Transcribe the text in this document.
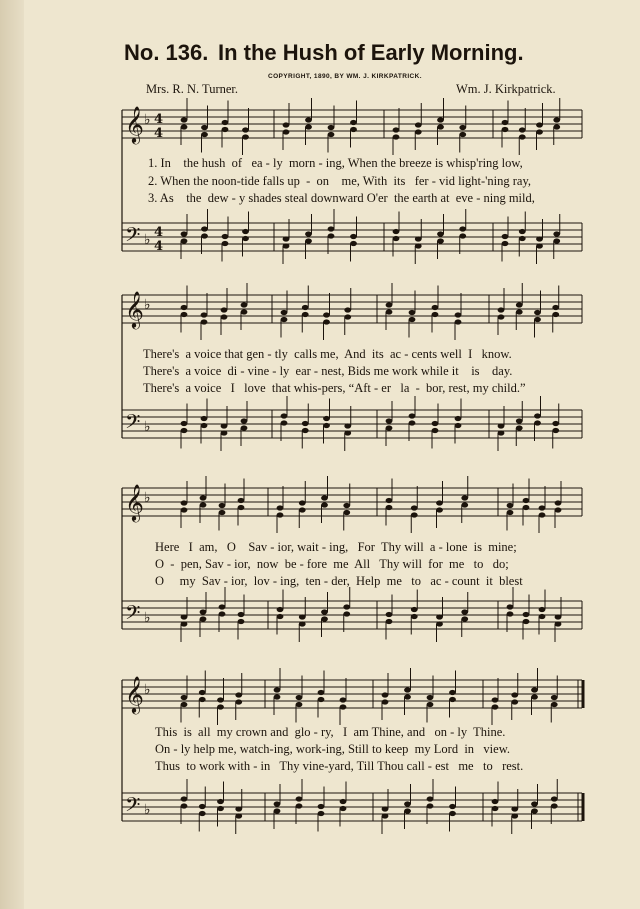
No. 136. In the Hush of Early Morning.
COPYRIGHT, 1890, BY WM. J. KIRKPATRICK.
Mrs. R. N. Turner.	Wm. J. Kirkpatrick.
𝄞 ♭ 4
4
𝄢 ♭ 4
4
𝄞 ♭
𝄢 ♭
𝄞 ♭
𝄢 ♭
𝄞 ♭
𝄢 ♭
1. In    the hush  of   ea - ly  morn - ing, When the breeze is whisp'ring low,
2. When the noon-tide falls up  -  on    me, With  its   fer - vid light-'ning ray,
3. As    the  dew - y shades steal downward O'er  the earth at  eve - ning mild,
There's  a voice that gen - tly  calls me,  And  its  ac - cents well  I   know.
There's  a voice  di - vine - ly  ear - nest, Bids me work while it    is    day.
There's  a voice   I   love  that whis-pers, “Aft - er   la  -  bor, rest, my child.”
Here   I  am,   O    Sav - ior, wait - ing,   For  Thy will  a - lone  is  mine;
O  -  pen, Sav - ior,  now  be - fore  me  All   Thy will  for  me   to   do;
O     my  Sav - ior,  lov - ing,  ten - der,  Help  me   to   ac - count  it  blest
This  is  all  my crown and  glo - ry,   I  am Thine, and   on - ly  Thine.
On - ly help me, watch-ing, work-ing, Still to keep  my Lord  in   view.
Thus  to work with - in   Thy vine-yard, Till Thou call - est   me   to   rest.
